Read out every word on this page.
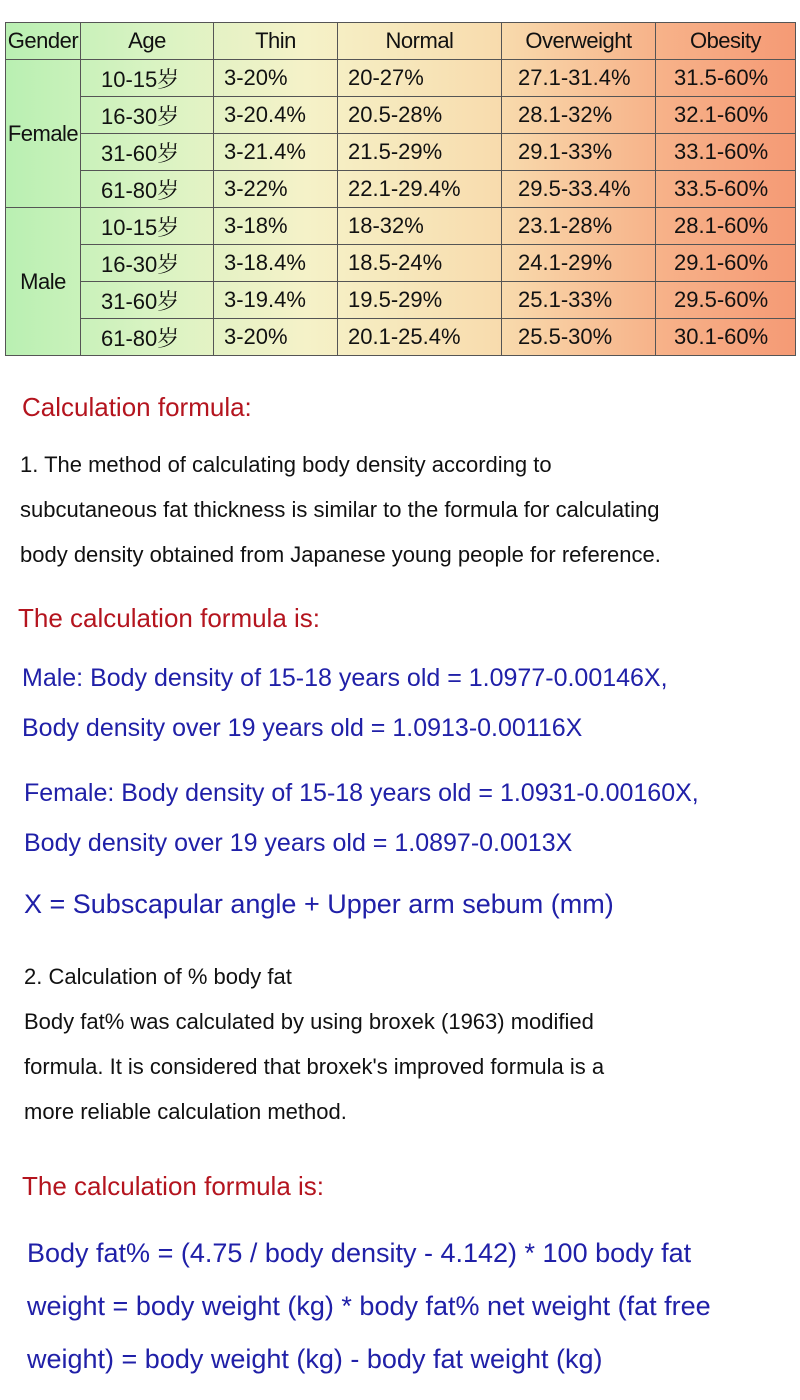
Gender	Age	Thin	Normal	Overweight	Obesity
Female	10-15岁	3-20%	20-27%	27.1-31.4%	31.5-60%
	16-30岁	3-20.4%	20.5-28%	28.1-32%	32.1-60%
	31-60岁	3-21.4%	21.5-29%	29.1-33%	33.1-60%
	61-80岁	3-22%	22.1-29.4%	29.5-33.4%	33.5-60%
Male	10-15岁	3-18%	18-32%	23.1-28%	28.1-60%
	16-30岁	3-18.4%	18.5-24%	24.1-29%	29.1-60%
	31-60岁	3-19.4%	19.5-29%	25.1-33%	29.5-60%
	61-80岁	3-20%	20.1-25.4%	25.5-30%	30.1-60%
Calculation formula:
1. The method of calculating body density according to
subcutaneous fat thickness is similar to the formula for calculating
body density obtained from Japanese young people for reference.
The calculation formula is:
Male: Body density of 15-18 years old = 1.0977-0.00146X,
Body density over 19 years old = 1.0913-0.00116X
Female: Body density of 15-18 years old = 1.0931-0.00160X,
Body density over 19 years old = 1.0897-0.0013X
X = Subscapular angle + Upper arm sebum (mm)
2. Calculation of % body fat
Body fat% was calculated by using broxek (1963) modified
formula. It is considered that broxek's improved formula is a
more reliable calculation method.
The calculation formula is:
Body fat% = (4.75 / body density - 4.142) * 100 body fat
weight = body weight (kg) * body fat% net weight (fat free
weight) = body weight (kg) - body fat weight (kg)
